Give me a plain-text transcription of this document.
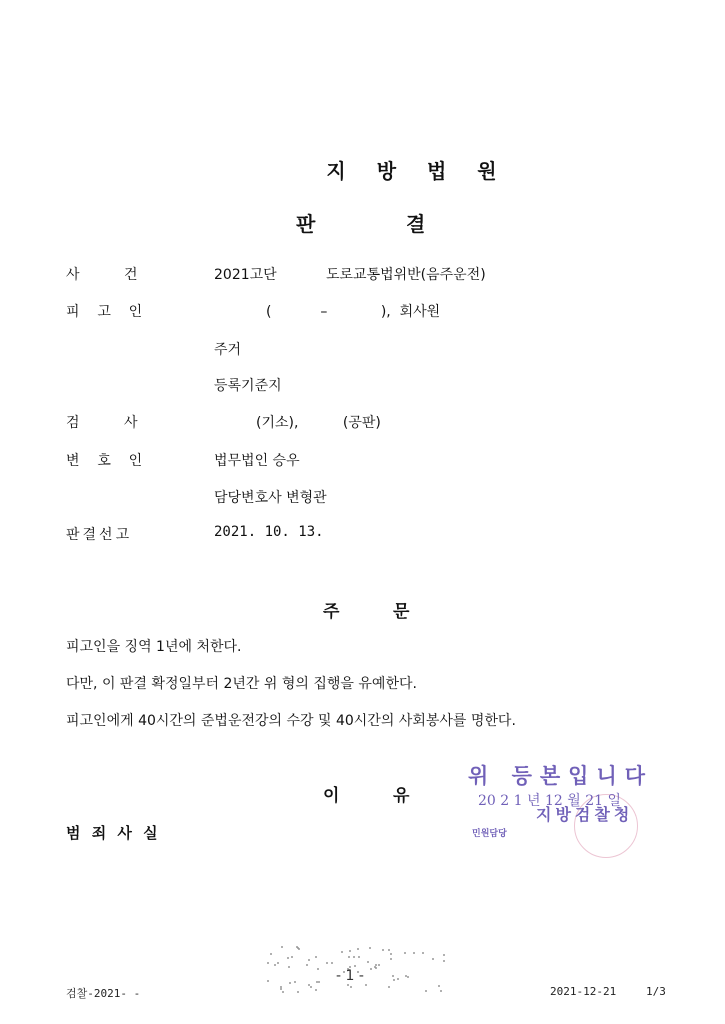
지 방 법 원
판	결
사          건	2021고단	도로교통법위반(음주운전)
피    고    인	(           –            ),  회사원
주거
등록기준지
검          사	(기소),          (공판)
변    호    인	법무법인 승우
담당변호사 변형관
판결선고	2021. 10. 13.
주	문
피고인을 징역 1년에 처한다.
다만, 이 판결 확정일부터 2년간 위 형의 집행을 유예한다.
피고인에게 40시간의 준법운전강의 수강 및 40시간의 사회봉사를 명한다.
이	유
범 죄 사 실
위 등본입니다
20 2 1 년 12 월 21 일
지방검찰청
민원담당
- 1 -
검찰-2021- -	2021-12-21	1/3
